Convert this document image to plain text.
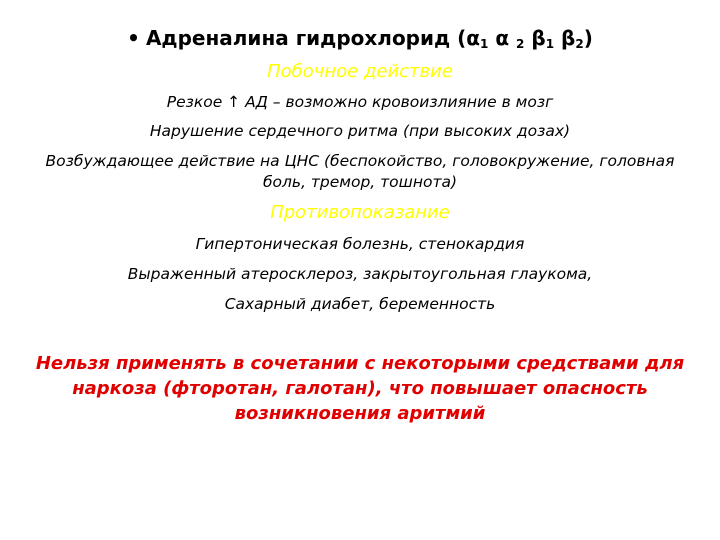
• Адреналина гидрохлорид ($\alpha_1$ α $_2$ $\beta_1$ $\beta_2$)
Побочное действие
Резкое ↑ АД – возможно кровоизлияние в мозг
Нарушение сердечного ритма (при высоких дозах)
Возбуждающее действие на ЦНС (беспокойство, головокружение, головная
боль, тремор, тошнота)
Противопоказание
Гипертоническая болезнь, стенокардия
Выраженный атеросклероз, закрытоугольная глаукома,
Сахарный диабет, беременность
Нельзя применять в сочетании с некоторыми средствами для
наркоза (фторотан, галотан), что повышает опасность
возникновения аритмий
